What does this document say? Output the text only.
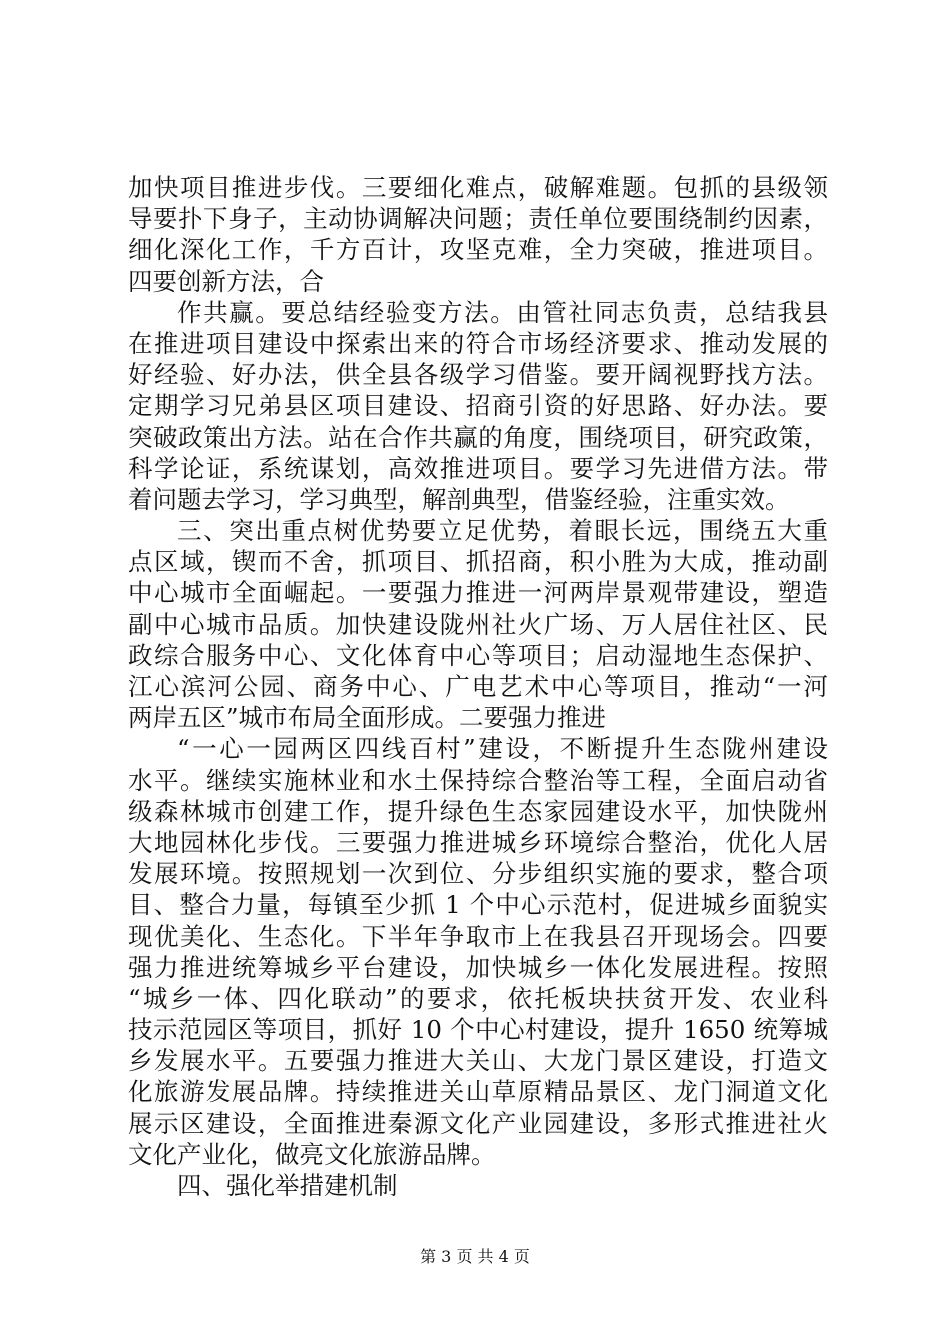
加快项目推进步伐。三要细化难点，破解难题。包抓的县级领
导要扑下身子，主动协调解决问题；责任单位要围绕制约因素，
细化深化工作，千方百计，攻坚克难，全力突破，推进项目。
四要创新方法，合
作共赢。要总结经验变方法。由管社同志负责，总结我县
在推进项目建设中探索出来的符合市场经济要求、推动发展的
好经验、好办法，供全县各级学习借鉴。要开阔视野找方法。
定期学习兄弟县区项目建设、招商引资的好思路、好办法。要
突破政策出方法。站在合作共赢的角度，围绕项目，研究政策，
科学论证，系统谋划，高效推进项目。要学习先进借方法。带
着问题去学习，学习典型，解剖典型，借鉴经验，注重实效。
三、突出重点树优势要立足优势，着眼长远，围绕五大重
点区域，锲而不舍，抓项目、抓招商，积小胜为大成，推动副
中心城市全面崛起。一要强力推进一河两岸景观带建设，塑造
副中心城市品质。加快建设陇州社火广场、万人居住社区、民
政综合服务中心、文化体育中心等项目；启动湿地生态保护、
江心滨河公园、商务中心、广电艺术中心等项目，推动“一河
两岸五区”城市布局全面形成。二要强力推进
“一心一园两区四线百村”建设，不断提升生态陇州建设
水平。继续实施林业和水土保持综合整治等工程，全面启动省
级森林城市创建工作，提升绿色生态家园建设水平，加快陇州
大地园林化步伐。三要强力推进城乡环境综合整治，优化人居
发展环境。按照规划一次到位、分步组织实施的要求，整合项
目、整合力量，每镇至少抓 1 个中心示范村，促进城乡面貌实
现优美化、生态化。下半年争取市上在我县召开现场会。四要
强力推进统筹城乡平台建设，加快城乡一体化发展进程。按照
“城乡一体、四化联动”的要求，依托板块扶贫开发、农业科
技示范园区等项目，抓好 10 个中心村建设，提升 1650 统筹城
乡发展水平。五要强力推进大关山、大龙门景区建设，打造文
化旅游发展品牌。持续推进关山草原精品景区、龙门洞道文化
展示区建设，全面推进秦源文化产业园建设，多形式推进社火
文化产业化，做亮文化旅游品牌。
四、强化举措建机制
第 3 页 共 4 页
